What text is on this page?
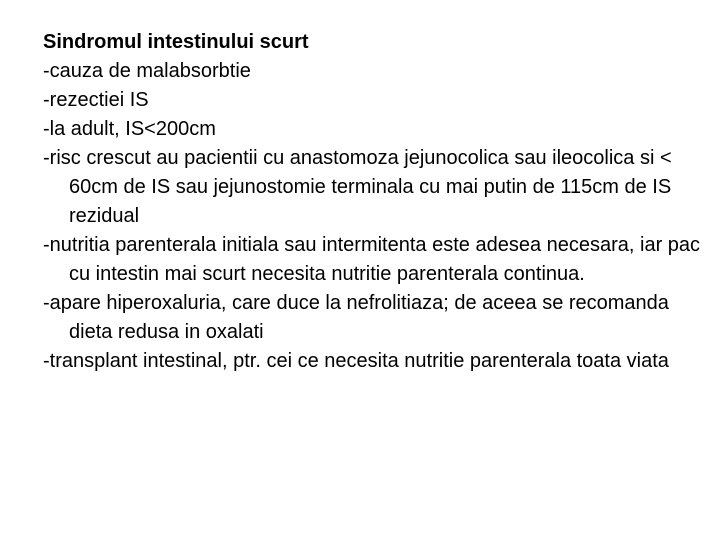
Sindromul intestinului scurt

-cauza de malabsorbtie

-rezectiei IS

-la adult, IS<200cm

-risc crescut au pacientii cu anastomoza jejunocolica sau ileocolica si < 60cm de IS sau jejunostomie terminala cu mai putin de 115cm de IS rezidual

-nutritia parenterala initiala sau intermitenta este adesea necesara, iar pac cu intestin mai scurt necesita nutritie parenterala continua.

-apare hiperoxaluria, care duce la nefrolitiaza; de aceea se recomanda dieta redusa in oxalati

-transplant intestinal, ptr. cei ce necesita nutritie parenterala toata viata
